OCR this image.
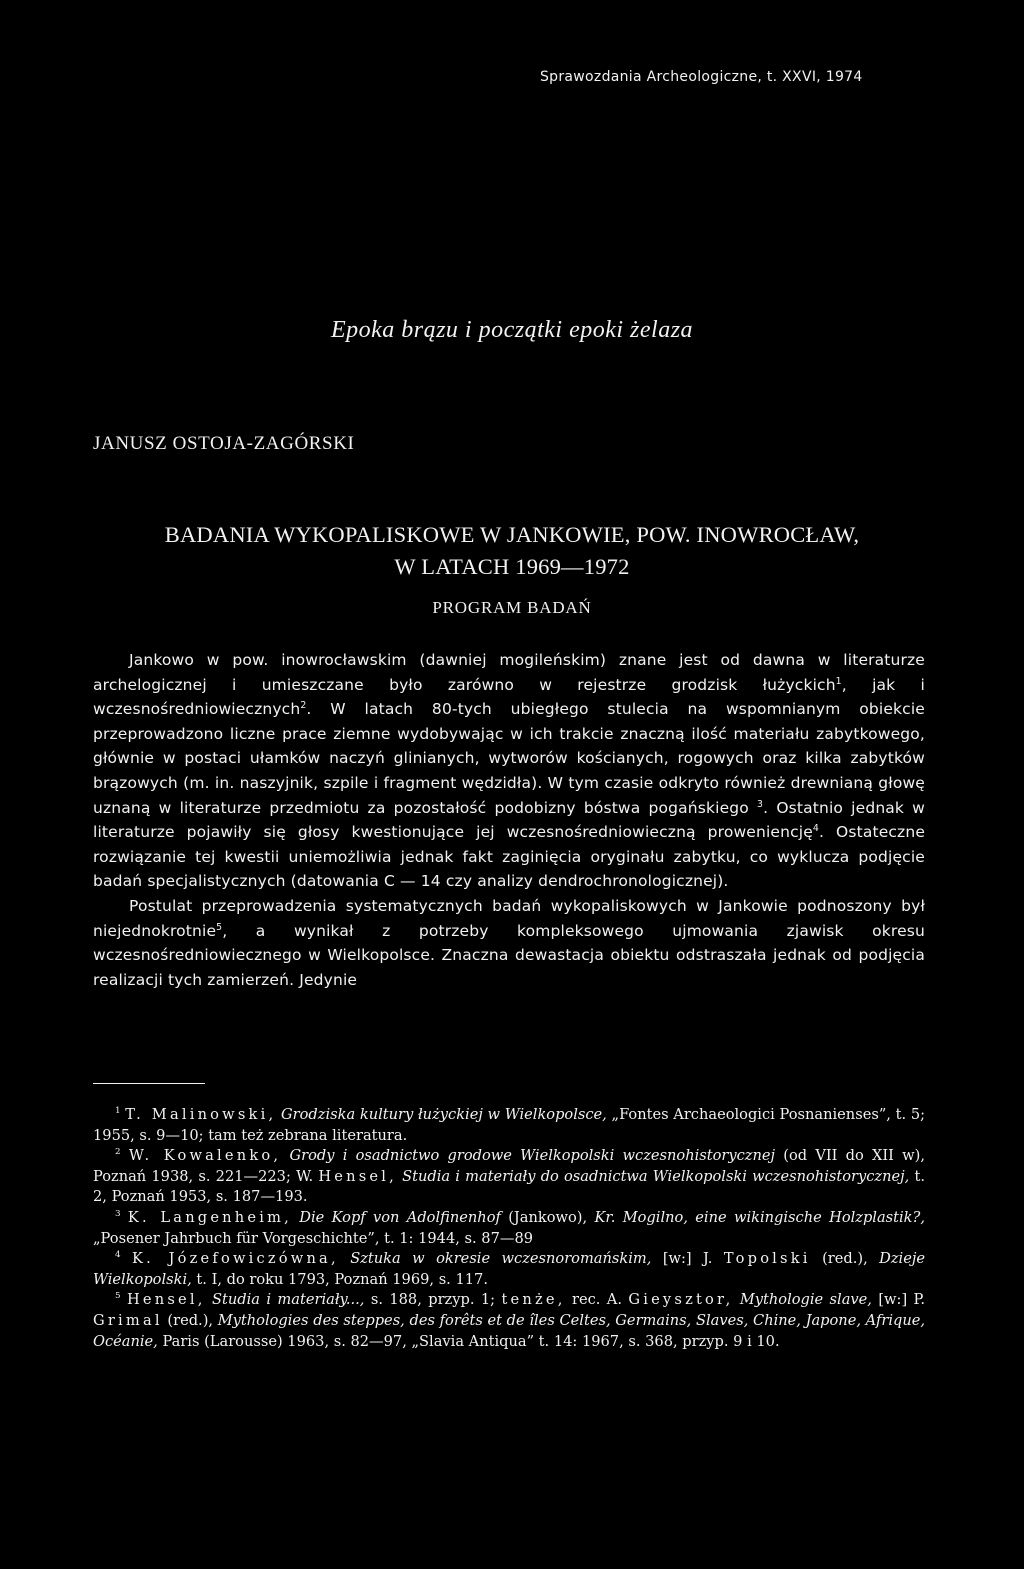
Sprawozdania Archeologiczne, t. XXVI, 1974
Epoka brązu i początki epoki żelaza
JANUSZ OSTOJA-ZAGÓRSKI
BADANIA WYKOPALISKOWE W JANKOWIE, POW. INOWROCŁAW,
W LATACH 1969—1972
PROGRAM BADAŃ

Jankowo w pow. inowrocławskim (dawniej mogileńskim) znane jest od dawna w literaturze archelogicznej i umieszczane było zarówno w rejestrze grodzisk łużyckich$^1$, jak i wczesnośredniowiecznych$^2$. W latach 80-tych ubiegłego stulecia na wspomnianym obiekcie przeprowadzono liczne prace ziemne wydobywając w ich trakcie znaczną ilość materiału zabytkowego, głównie w postaci ułamków naczyń glinianych, wytworów kościanych, rogowych oraz kilka zabytków brązowych (m. in. naszyjnik, szpile i fragment wędzidła). W tym czasie odkryto również drewnianą głowę uznaną w literaturze przedmiotu za pozostałość podobizny bóstwa pogańskiego $^3$. Ostatnio jednak w literaturze pojawiły się głosy kwestionujące jej wczesnośredniowieczną proweniencję$^4$. Ostateczne rozwiązanie tej kwestii uniemożliwia jednak fakt zaginięcia oryginału zabytku, co wyklucza podjęcie badań specjalistycznych (datowania C — 14 czy analizy dendrochronologicznej).

Postulat przeprowadzenia systematycznych badań wykopaliskowych w Jankowie podnoszony był niejednokrotnie$^5$, a wynikał z potrzeby kompleksowego ujmowania zjawisk okresu wczesnośredniowiecznego w Wielkopolsce. Znaczna dewastacja obiektu odstraszała jednak od podjęcia realizacji tych zamierzeń. Jedynie

$^1$ T. Malinowski, Grodziska kultury łużyckiej w Wielkopolsce, „Fontes Archaeologici Posnanienses”, t. 5; 1955, s. 9—10; tam też zebrana literatura.

$^2$ W. Kowalenko, Grody i osadnictwo grodowe Wielkopolski wczesnohistorycznej (od VII do XII w), Poznań 1938, s. 221—223; W. Hensel, Studia i materiały do osadnictwa Wielkopolski wczesnohistorycznej, t. 2, Poznań 1953, s. 187—193.

$^3$ K. Langenheim, Die Kopf von Adolfinenhof (Jankowo), Kr. Mogilno, eine wikingische Holzplastik?, „Posener Jahrbuch für Vorgeschichte”, t. 1: 1944, s. 87—89

$^4$ K. Józefowiczówna, Sztuka w okresie wczesnoromańskim, [w:] J. Topolski (red.), Dzieje Wielkopolski, t. I, do roku 1793, Poznań 1969, s. 117.

$^5$ Hensel, Studia i materiały..., s. 188, przyp. 1; tenże, rec. A. Gieysztor, Mythologie slave, [w:] P. Grimal (red.), Mythologies des steppes, des forêts et de îles Celtes, Germains, Slaves, Chine, Japone, Afrique, Océanie, Paris (Larousse) 1963, s. 82—97, „Slavia Antiqua” t. 14: 1967, s. 368, przyp. 9 i 10.
